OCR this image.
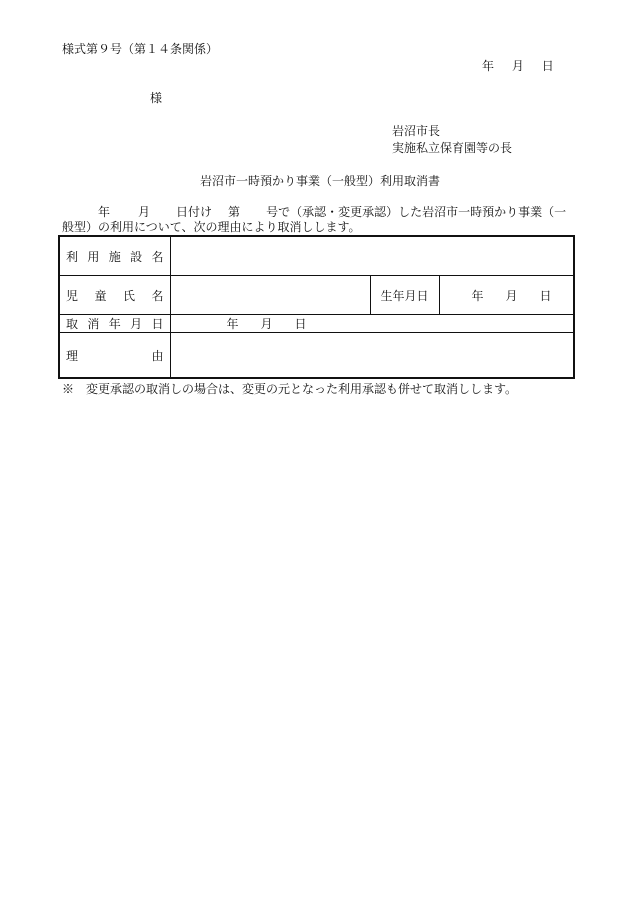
様式第９号（第１４条関係）
年 月 日
様
岩沼市長
実施私立保育園等の長
岩沼市一時預かり事業（一般型）利用取消書
年 月 日付け 第 号で（承認・変更承認）した岩沼市一時預かり事業（一
般型）の利用について、次の理由により取消しします。
利用施設名			
児童氏名		生年月日	年 月 日
取消年月日	年 月 日		
理由			
※　変更承認の取消しの場合は、変更の元となった利用承認も併せて取消しします。
